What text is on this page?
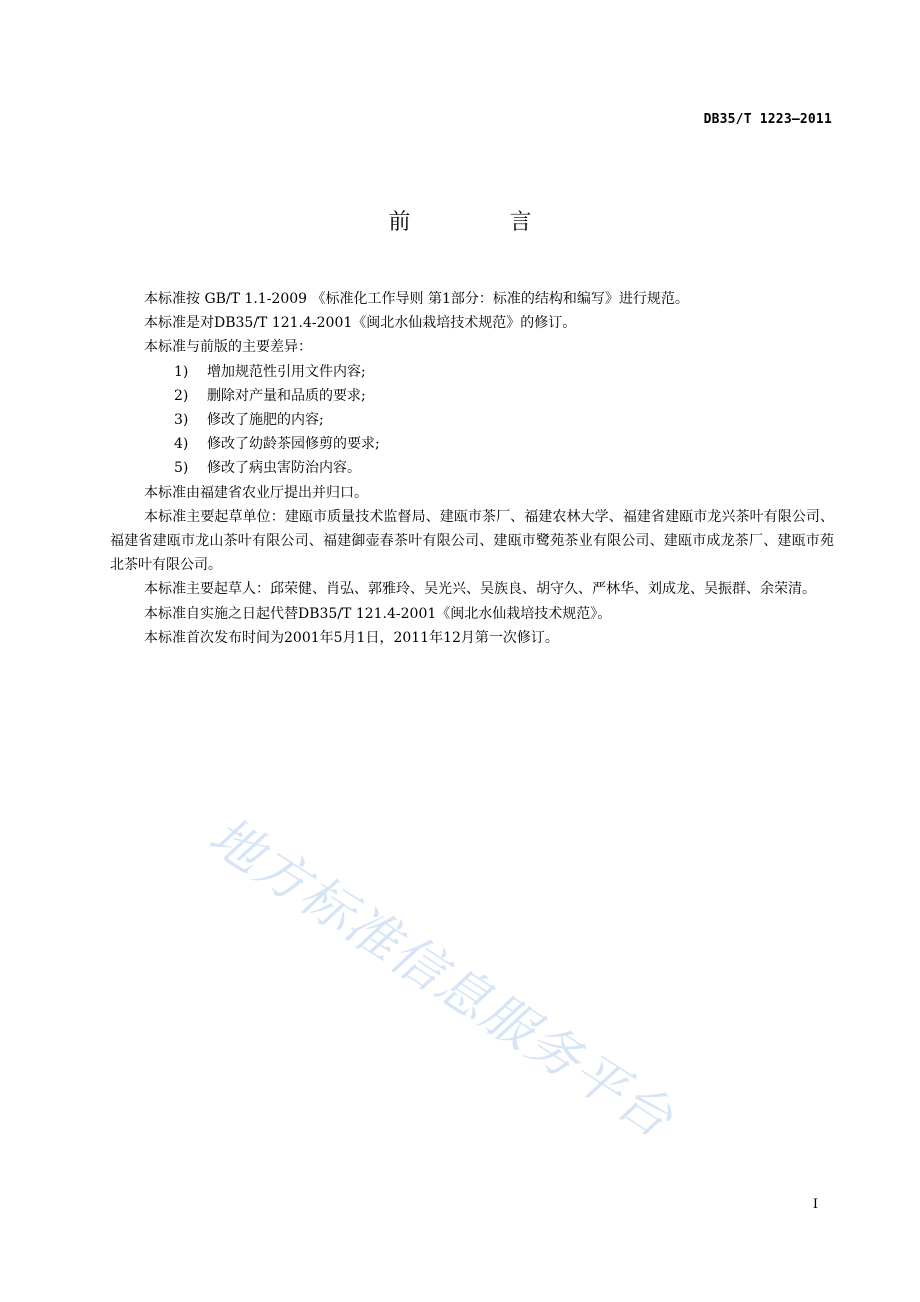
DB35/T 1223—2011
前 言

本标准按 GB/T 1.1-2009 《标准化工作导则 第1部分：标准的结构和编写》进行规范。

本标准是对DB35/T 121.4-2001《闽北水仙栽培技术规范》的修订。

本标准与前版的主要差异：

1)	增加规范性引用文件内容;

2)	删除对产量和品质的要求;

3)	修改了施肥的内容;

4)	修改了幼龄茶园修剪的要求;

5)	修改了病虫害防治内容。

本标准由福建省农业厅提出并归口。

本标准主要起草单位：建瓯市质量技术监督局、建瓯市茶厂、福建农林大学、福建省建瓯市龙兴茶叶有限公司、福建省建瓯市龙山茶叶有限公司、福建御壶春茶叶有限公司、建瓯市鹭苑茶业有限公司、建瓯市成龙茶厂、建瓯市苑北茶叶有限公司。

本标准主要起草人：邱荣健、肖弘、郭雅玲、吴光兴、吴族良、胡守久、严林华、刘成龙、吴振群、余荣清。

本标准自实施之日起代替DB35/T 121.4-2001《闽北水仙栽培技术规范》。

本标准首次发布时间为2001年5月1日，2011年12月第一次修订。

地方标准信息服务平台
I
